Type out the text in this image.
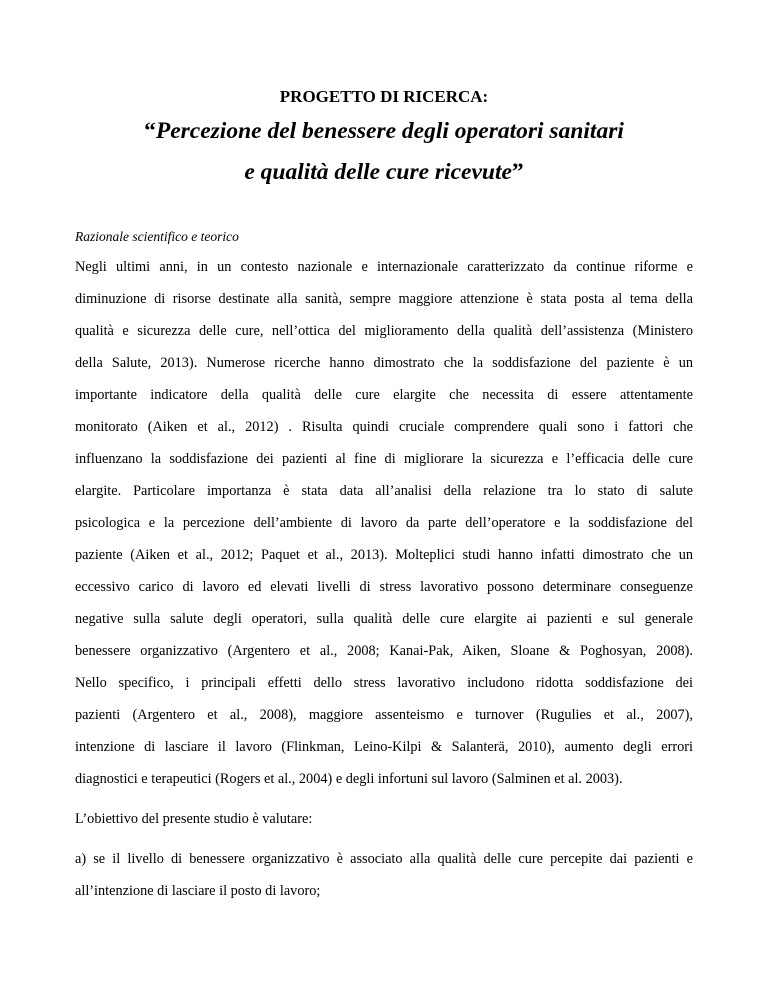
PROGETTO DI RICERCA:
“Percezione del benessere degli operatori sanitari
e qualità delle cure ricevute”
Razionale scientifico e teorico
Negli ultimi anni, in un contesto nazionale e internazionale caratterizzato da continue riforme e
diminuzione di risorse destinate alla sanità, sempre maggiore attenzione è stata posta al tema della
qualità e sicurezza delle cure, nell’ottica del miglioramento della qualità dell’assistenza (Ministero
della Salute, 2013). Numerose ricerche hanno dimostrato che la soddisfazione del paziente è un
importante indicatore della qualità delle cure elargite che necessita di essere attentamente
monitorato (Aiken et al., 2012) . Risulta quindi cruciale comprendere quali sono i fattori che
influenzano la soddisfazione dei pazienti al fine di migliorare la sicurezza e l’efficacia delle cure
elargite. Particolare importanza è stata data all’analisi della relazione tra lo stato di salute
psicologica e la percezione dell’ambiente di lavoro da parte dell’operatore e la soddisfazione del
paziente (Aiken et al., 2012; Paquet et al., 2013). Molteplici studi hanno infatti dimostrato che un
eccessivo carico di lavoro ed elevati livelli di stress lavorativo possono determinare conseguenze
negative sulla salute degli operatori, sulla qualità delle cure elargite ai pazienti e sul generale
benessere organizzativo (Argentero et al., 2008; Kanai-Pak, Aiken, Sloane & Poghosyan, 2008).
Nello specifico, i principali effetti dello stress lavorativo includono ridotta soddisfazione dei
pazienti (Argentero et al., 2008), maggiore assenteismo e turnover (Rugulies et al., 2007),
intenzione di lasciare il lavoro (Flinkman, Leino-Kilpi & Salanterä, 2010), aumento degli errori
diagnostici e terapeutici (Rogers et al., 2004) e degli infortuni sul lavoro (Salminen et al. 2003).
L’obiettivo del presente studio è valutare:
a) se il livello di benessere organizzativo è associato alla qualità delle cure percepite dai pazienti e
all’intenzione di lasciare il posto di lavoro;
